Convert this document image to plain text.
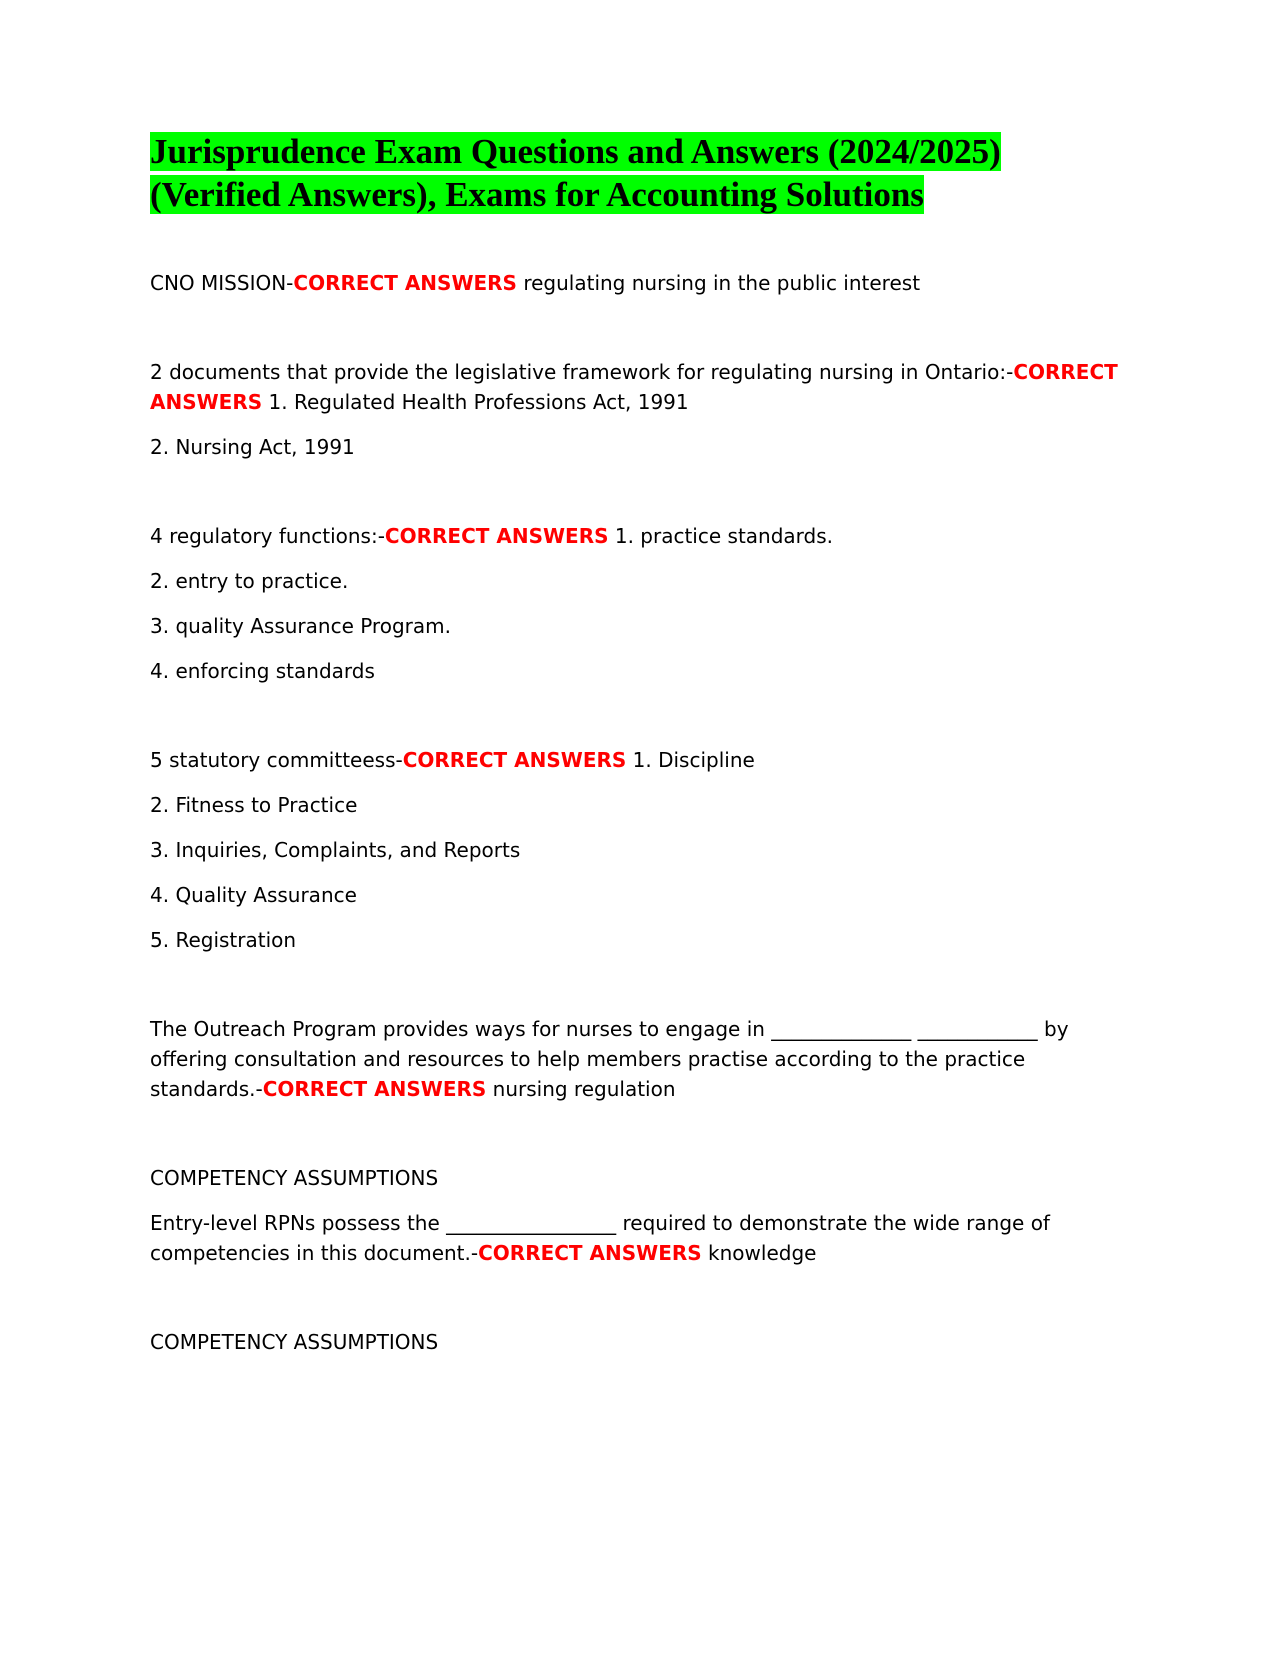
Jurisprudence Exam Questions and Answers (2024/2025)
(Verified Answers), Exams for Accounting Solutions

CNO MISSION-CORRECT ANSWERS regulating nursing in the public interest

2 documents that provide the legislative framework for regulating nursing in Ontario:-CORRECT ANSWERS 1. Regulated Health Professions Act, 1991

2. Nursing Act, 1991

4 regulatory functions:-CORRECT ANSWERS 1. practice standards.

2. entry to practice.

3. quality Assurance Program.

4. enforcing standards

5 statutory committeess-CORRECT ANSWERS 1. Discipline

2. Fitness to Practice

3. Inquiries, Complaints, and Reports

4. Quality Assurance

5. Registration

The Outreach Program provides ways for nurses to engage in ______________ ____________ by offering consultation and resources to help members practise according to the practice standards.-CORRECT ANSWERS nursing regulation

COMPETENCY ASSUMPTIONS

Entry-level RPNs possess the _________________ required to demonstrate the wide range of competencies in this document.-CORRECT ANSWERS knowledge

COMPETENCY ASSUMPTIONS
